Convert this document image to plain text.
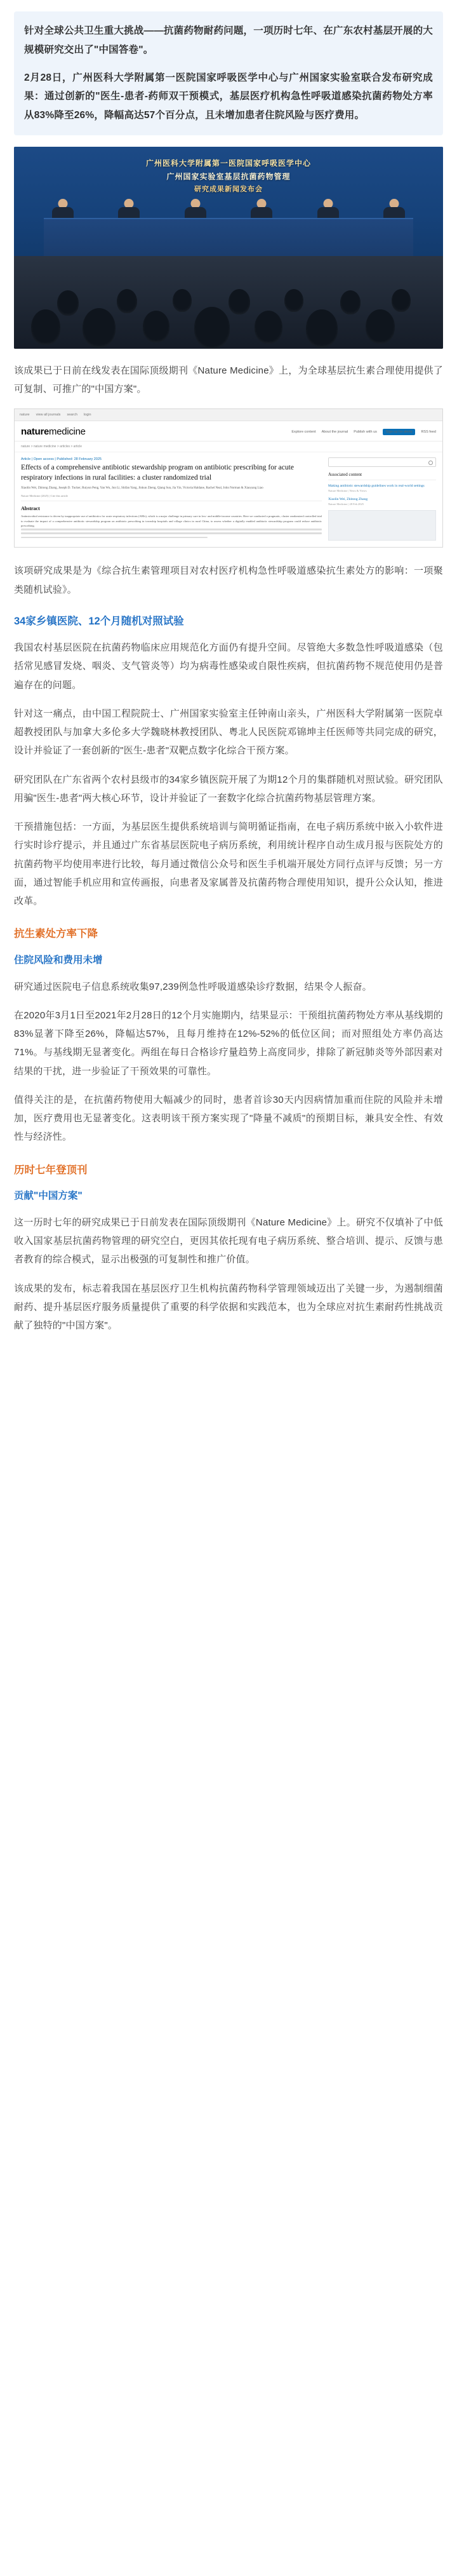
针对全球公共卫生重大挑战——抗菌药物耐药问题，一项历时七年、在广东农村基层开展的大规模研究交出了"中国答卷"。

2月28日，广州医科大学附属第一医院国家呼吸医学中心与广州国家实验室联合发布研究成果：通过创新的"医生-患者-药师双干预模式，基层医疗机构急性呼吸道感染抗菌药物处方率从83%降至26%，降幅高达57个百分点，且未增加患者住院风险与医疗费用。

广州医科大学附属第一医院国家呼吸医学中心
广州国家实验室基层抗菌药物管理
研究成果新闻发布会

该成果已于日前在线发表在国际顶级期刊《Nature Medicine》上，为全球基层抗生素合理使用提供了可复制、可推广的"中国方案"。

nature view all journals search login
naturemedicine	Explore content About the journal Publish with us	Sign up for alerts	RSS feed
nature > nature medicine > articles > article
Article | Open access | Published: 28 February 2025
Effects of a comprehensive antibiotic stewardship program on antibiotic prescribing for acute respiratory infections in rural facilities: a cluster randomized trial
Xiaolin Wei, Zhitong Zhang, Joseph D. Tucker, Ruiyun Peng, Yan Wu, Jun Li, Shifan Yang, Jinkun Zheng, Qiang Sun, Jia Yin, Victoria Haldane, Rachel Neal, John Norman & Xiaoyang Liao
Nature Medicine (2025) | Cite this article
Abstract
Antimicrobial resistance is driven by inappropriate use of antibiotics for acute respiratory infections (ARIs), which is a major challenge in primary care in low- and middle-income countries. Here we conducted a pragmatic, cluster randomized controlled trial to evaluate the impact of a comprehensive antibiotic stewardship program on antibiotic prescribing in township hospitals and village clinics in rural China, to assess whether a digitally enabled antibiotic stewardship program could reduce antibiotic prescribing.
Associated content
Making antibiotic stewardship guidelines work in real-world settings
Nature Medicine | News & Views
Xiaolin Wei, Zhitong Zhang
Nature Medicine | 28 Feb 2025

该项研究成果是为《综合抗生素管理项目对农村医疗机构急性呼吸道感染抗生素处方的影响：一项聚类随机试验》。

34家乡镇医院、12个月随机对照试验

我国农村基层医院在抗菌药物临床应用规范化方面仍有提升空间。尽管绝大多数急性呼吸道感染（包括常见感冒发烧、咽炎、支气管炎等）均为病毒性感染或自限性疾病，但抗菌药物不规范使用仍是普遍存在的问题。

针对这一痛点，由中国工程院院士、广州国家实验室主任钟南山亲头，广州医科大学附属第一医院卓超教授团队与加拿大多伦多大学魏晓林教授团队、粤北人民医院邓锦坤主任医师等共同完成的研究，设计并验证了一套创新的"医生-患者"双靶点数字化综合干预方案。

研究团队在广东省两个农村县级市的34家乡镇医院开展了为期12个月的集群随机对照试验。研究团队用骗"医生-患者"两大核心环节，设计并验证了一套数字化综合抗菌药物基层管理方案。

干预措施包括：一方面，为基层医生提供系统培训与简明循证指南，在电子病历系统中嵌入小软件进行实时诊疗提示，并且通过广东省基层医院电子病历系统，利用统计程序自动生成月报与医院处方的抗菌药物平均使用率进行比较，每月通过微信公众号和医生手机端开展处方同行点评与反馈；另一方面，通过智能手机应用和宣传画报，向患者及家属普及抗菌药物合理使用知识，提升公众认知，推进改革。

抗生素处方率下降
住院风险和费用未增

研究通过医院电子信息系统收集97,239例急性呼吸道感染诊疗数据，结果令人振奋。

在2020年3月1日至2021年2月28日的12个月实施期内，结果显示：干预组抗菌药物处方率从基线期的83%显著下降至26%，降幅达57%，且每月维持在12%-52%的低位区间；而对照组处方率仍高达71%。与基线期无显著变化。两组在每日合格诊疗量趋势上高度同步，排除了新冠肺炎等外部因素对结果的干扰，进一步验证了干预效果的可靠性。

值得关注的是，在抗菌药物使用大幅减少的同时，患者首诊30天内因病情加重而住院的风险并未增加，医疗费用也无显著变化。这表明该干预方案实现了"降量不减质"的预期目标，兼具安全性、有效性与经济性。

历时七年登顶刊
贡献"中国方案"

这一历时七年的研究成果已于日前发表在国际顶级期刊《Nature Medicine》上。研究不仅填补了中低收入国家基层抗菌药物管理的研究空白，更因其依托现有电子病历系统、整合培训、提示、反馈与患者教育的综合模式，显示出极强的可复制性和推广价值。

该成果的发布，标志着我国在基层医疗卫生机构抗菌药物科学管理领域迈出了关键一步，为遏制细菌耐药、提升基层医疗服务质量提供了重要的科学依据和实践范本，也为全球应对抗生素耐药性挑战贡献了独特的"中国方案"。
